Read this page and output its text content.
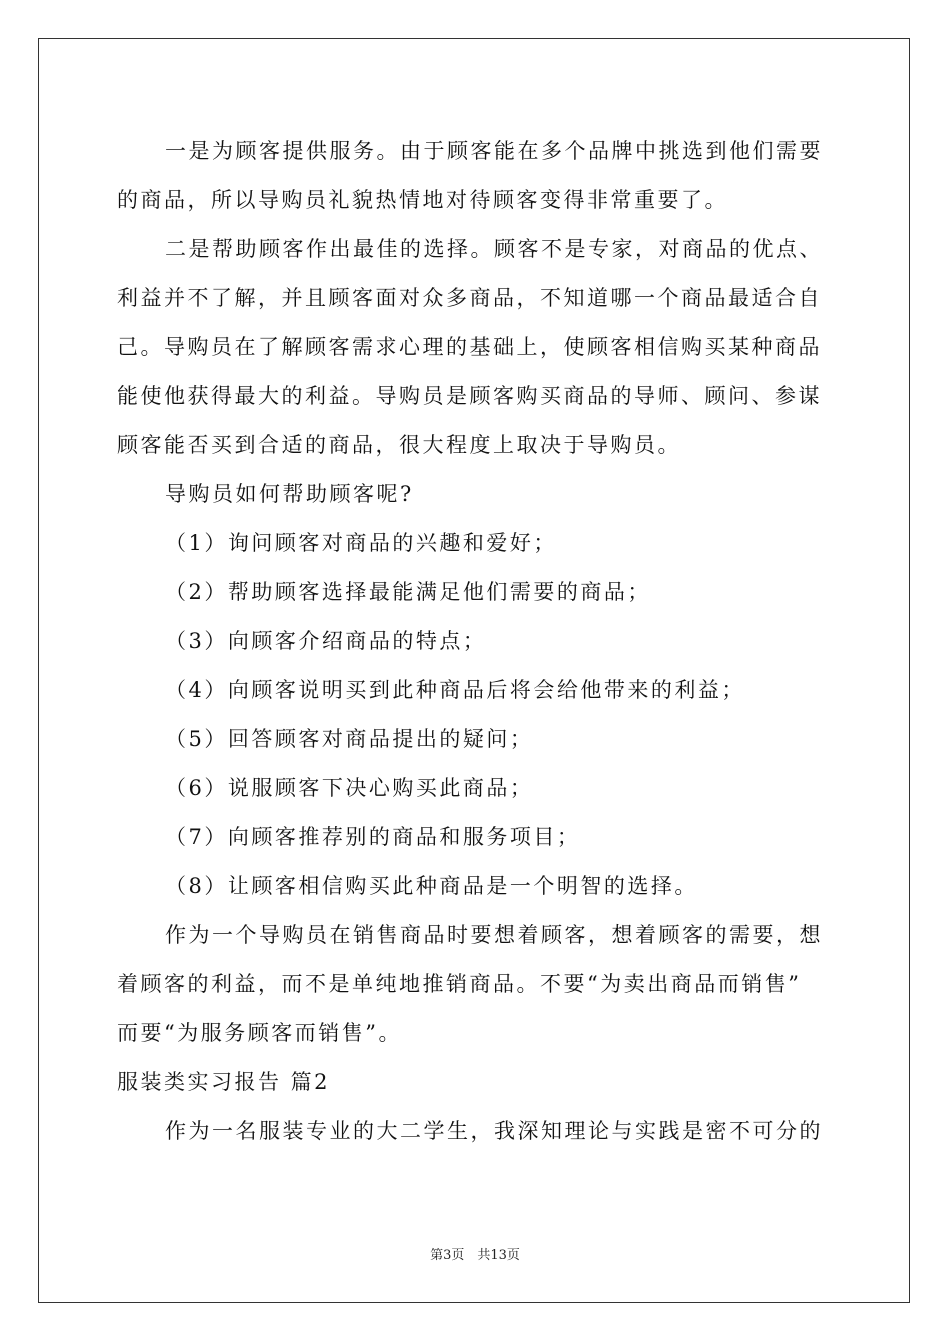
一是为顾客提供服务。由于顾客能在多个品牌中挑选到他们需要
的商品，所以导购员礼貌热情地对待顾客变得非常重要了。
二是帮助顾客作出最佳的选择。顾客不是专家，对商品的优点、
利益并不了解，并且顾客面对众多商品，不知道哪一个商品最适合自
己。导购员在了解顾客需求心理的基础上，使顾客相信购买某种商品
能使他获得最大的利益。导购员是顾客购买商品的导师、顾问、参谋
顾客能否买到合适的商品，很大程度上取决于导购员。
导购员如何帮助顾客呢?
（1）询问顾客对商品的兴趣和爱好；
（2）帮助顾客选择最能满足他们需要的商品；
（3）向顾客介绍商品的特点；
（4）向顾客说明买到此种商品后将会给他带来的利益；
（5）回答顾客对商品提出的疑问；
（6）说服顾客下决心购买此商品；
（7）向顾客推荐别的商品和服务项目；
（8）让顾客相信购买此种商品是一个明智的选择。
作为一个导购员在销售商品时要想着顾客，想着顾客的需要，想
着顾客的利益，而不是单纯地推销商品。不要“为卖出商品而销售”
而要“为服务顾客而销售”。
服装类实习报告 篇2
作为一名服装专业的大二学生，我深知理论与实践是密不可分的
第3页　共13页
